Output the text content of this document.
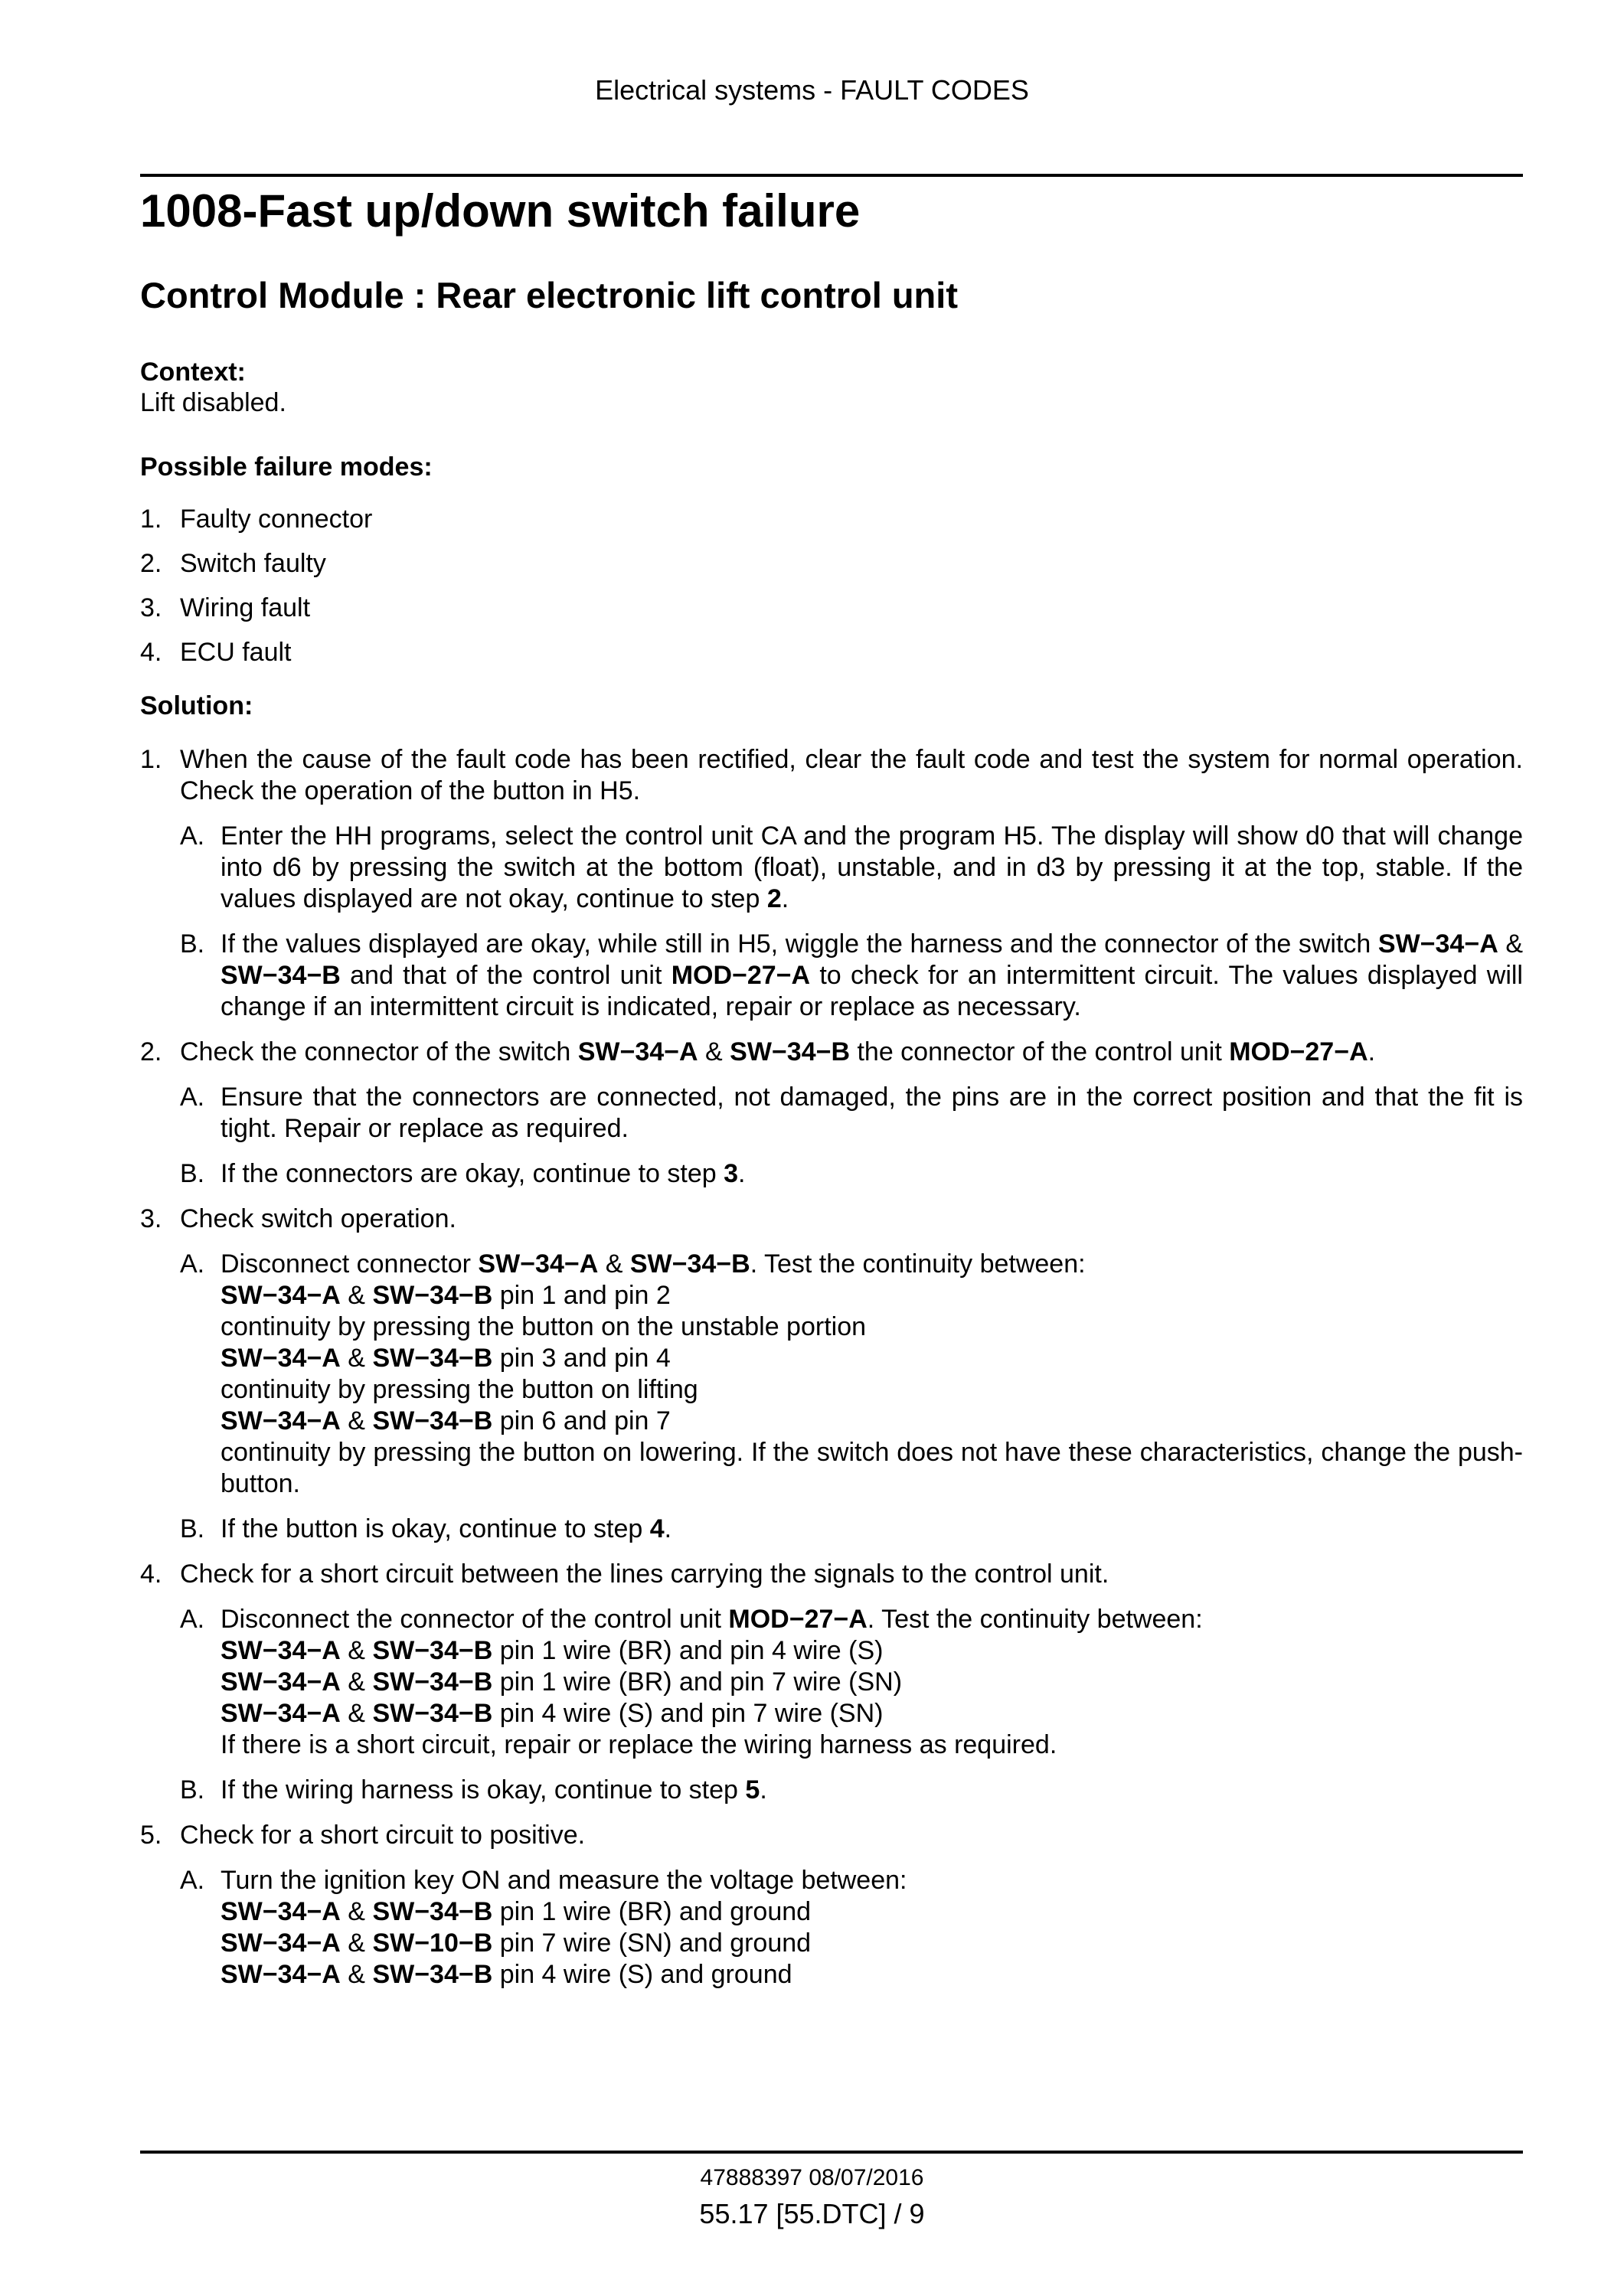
Electrical systems - FAULT CODES
1008-Fast up/down switch failure
Control Module : Rear electronic lift control unit
Context:
Lift disabled.
Possible failure modes:
1. Faulty connector
2. Switch faulty
3. Wiring fault
4. ECU fault
Solution:
1. When the cause of the fault code has been rectified, clear the fault code and test the system for normal operation. Check the operation of the button in H5.
A. Enter the HH programs, select the control unit CA and the program H5. The display will show d0 that will change into d6 by pressing the switch at the bottom (float), unstable, and in d3 by pressing it at the top, stable. If the values displayed are not okay, continue to step 2.
B. If the values displayed are okay, while still in H5, wiggle the harness and the connector of the switch SW−34−A & SW−34−B and that of the control unit MOD−27−A to check for an intermittent circuit. The values displayed will change if an intermittent circuit is indicated, repair or replace as necessary.
2. Check the connector of the switch SW−34−A & SW−34−B the connector of the control unit MOD−27−A.
A. Ensure that the connectors are connected, not damaged, the pins are in the correct position and that the fit is tight. Repair or replace as required.
B. If the connectors are okay, continue to step 3.
3. Check switch operation.
A. Disconnect connector SW−34−A & SW−34−B. Test the continuity between:
SW−34−A & SW−34−B pin 1 and pin 2
continuity by pressing the button on the unstable portion
SW−34−A & SW−34−B pin 3 and pin 4
continuity by pressing the button on lifting
SW−34−A & SW−34−B pin 6 and pin 7
continuity by pressing the button on lowering. If the switch does not have these characteristics, change the push-button.
B. If the button is okay, continue to step 4.
4. Check for a short circuit between the lines carrying the signals to the control unit.
A. Disconnect the connector of the control unit MOD−27−A. Test the continuity between:
SW−34−A & SW−34−B pin 1 wire (BR) and pin 4 wire (S)
SW−34−A & SW−34−B pin 1 wire (BR) and pin 7 wire (SN)
SW−34−A & SW−34−B pin 4 wire (S) and pin 7 wire (SN)
If there is a short circuit, repair or replace the wiring harness as required.
B. If the wiring harness is okay, continue to step 5.
5. Check for a short circuit to positive.
A. Turn the ignition key ON and measure the voltage between:
SW−34−A & SW−34−B pin 1 wire (BR) and ground
SW−34−A & SW−10−B pin 7 wire (SN) and ground
SW−34−A & SW−34−B pin 4 wire (S) and ground
47888397 08/07/2016
55.17 [55.DTC] / 9
